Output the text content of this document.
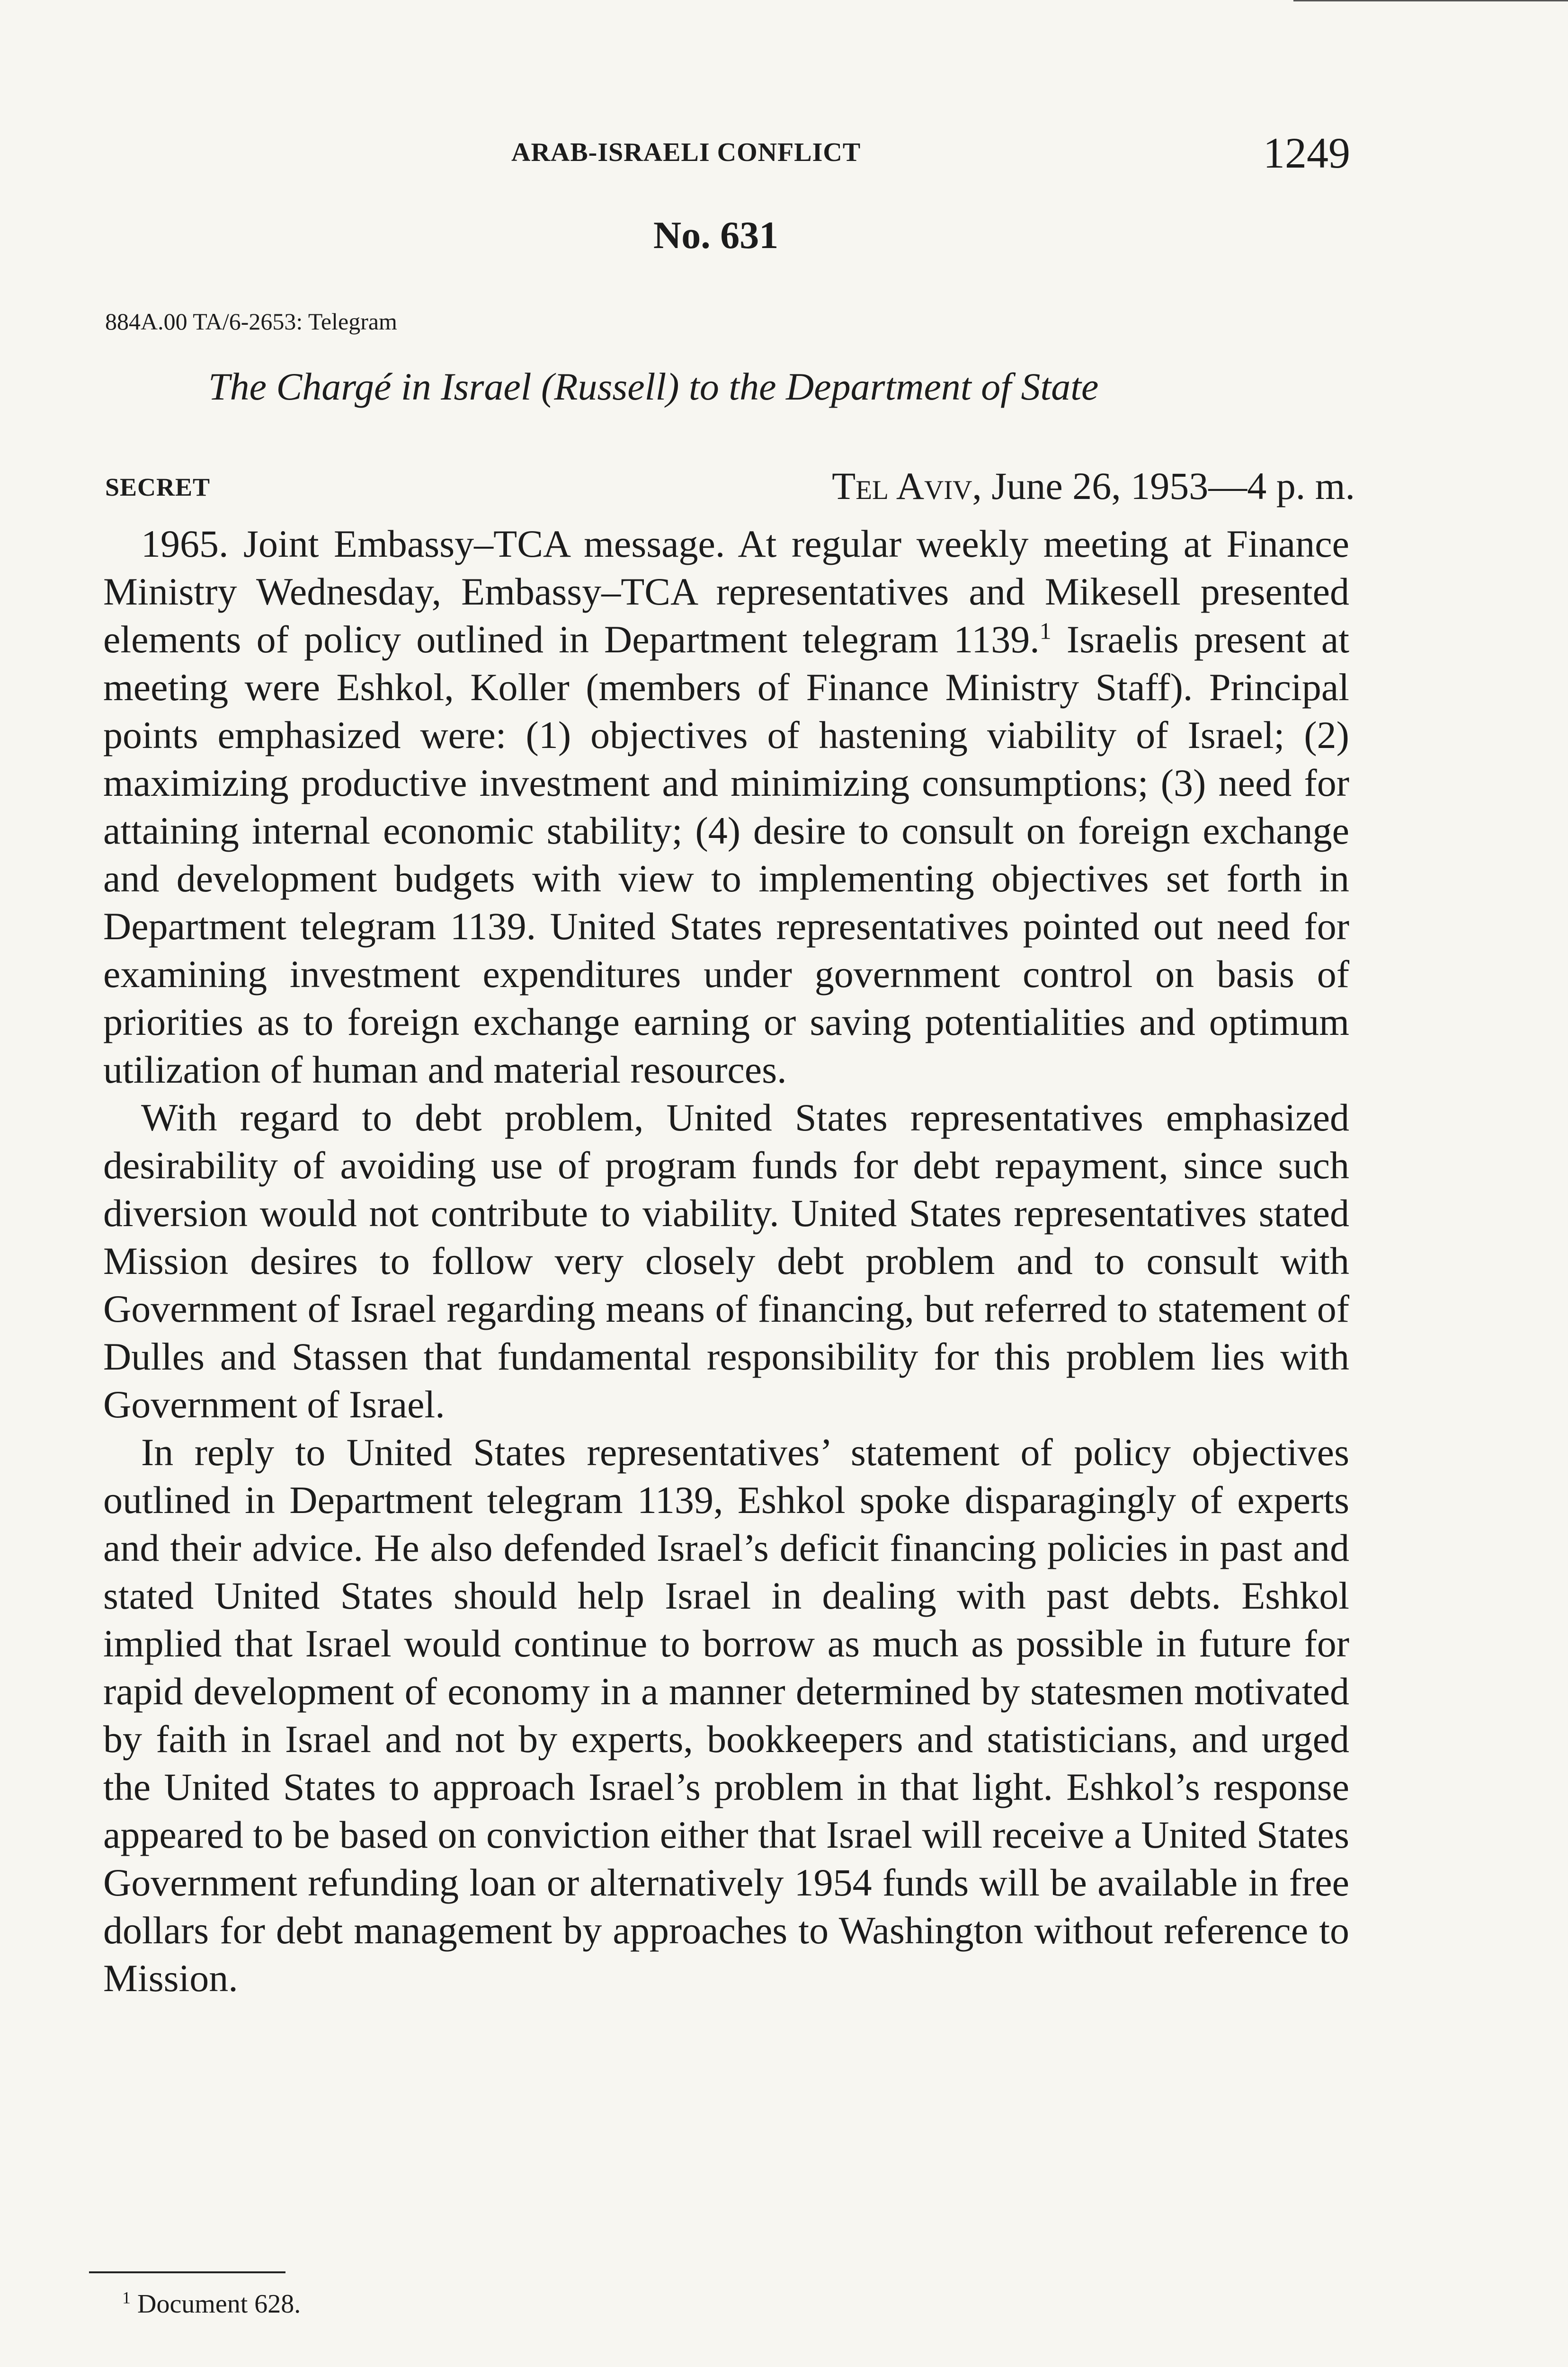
ARAB-ISRAELI CONFLICT	1249
No. 631
884A.00 TA/6-2653: Telegram
The Chargé in Israel (Russell) to the Department of State
SECRET	Tel Aviv, June 26, 1953—4 p. m.

1965. Joint Embassy–TCA message. At regular weekly meeting at Finance Ministry Wednesday, Embassy–TCA representatives and Mikesell presented elements of policy outlined in Department telegram 1139.$^1$ Israelis present at meeting were Eshkol, Koller (members of Finance Ministry Staff). Principal points emphasized were: (1) objectives of hastening viability of Israel; (2) maximizing productive investment and minimizing consumptions; (3) need for attaining internal economic stability; (4) desire to consult on foreign exchange and development budgets with view to implementing objectives set forth in Department telegram 1139. United States representatives pointed out need for examining investment expenditures under government control on basis of priorities as to foreign exchange earning or saving potentialities and optimum utilization of human and material resources.

With regard to debt problem, United States representatives emphasized desirability of avoiding use of program funds for debt repayment, since such diversion would not contribute to viability. United States representatives stated Mission desires to follow very closely debt problem and to consult with Government of Israel regarding means of financing, but referred to statement of Dulles and Stassen that fundamental responsibility for this problem lies with Government of Israel.

In reply to United States representatives’ statement of policy objectives outlined in Department telegram 1139, Eshkol spoke disparagingly of experts and their advice. He also defended Israel’s deficit financing policies in past and stated United States should help Israel in dealing with past debts. Eshkol implied that Israel would continue to borrow as much as possible in future for rapid development of economy in a manner determined by statesmen motivated by faith in Israel and not by experts, bookkeepers and statisticians, and urged the United States to approach Israel’s problem in that light. Eshkol’s response appeared to be based on conviction either that Israel will receive a United States Government refunding loan or alternatively 1954 funds will be available in free dollars for debt management by approaches to Washington without reference to Mission.

$^1$ Document 628.
